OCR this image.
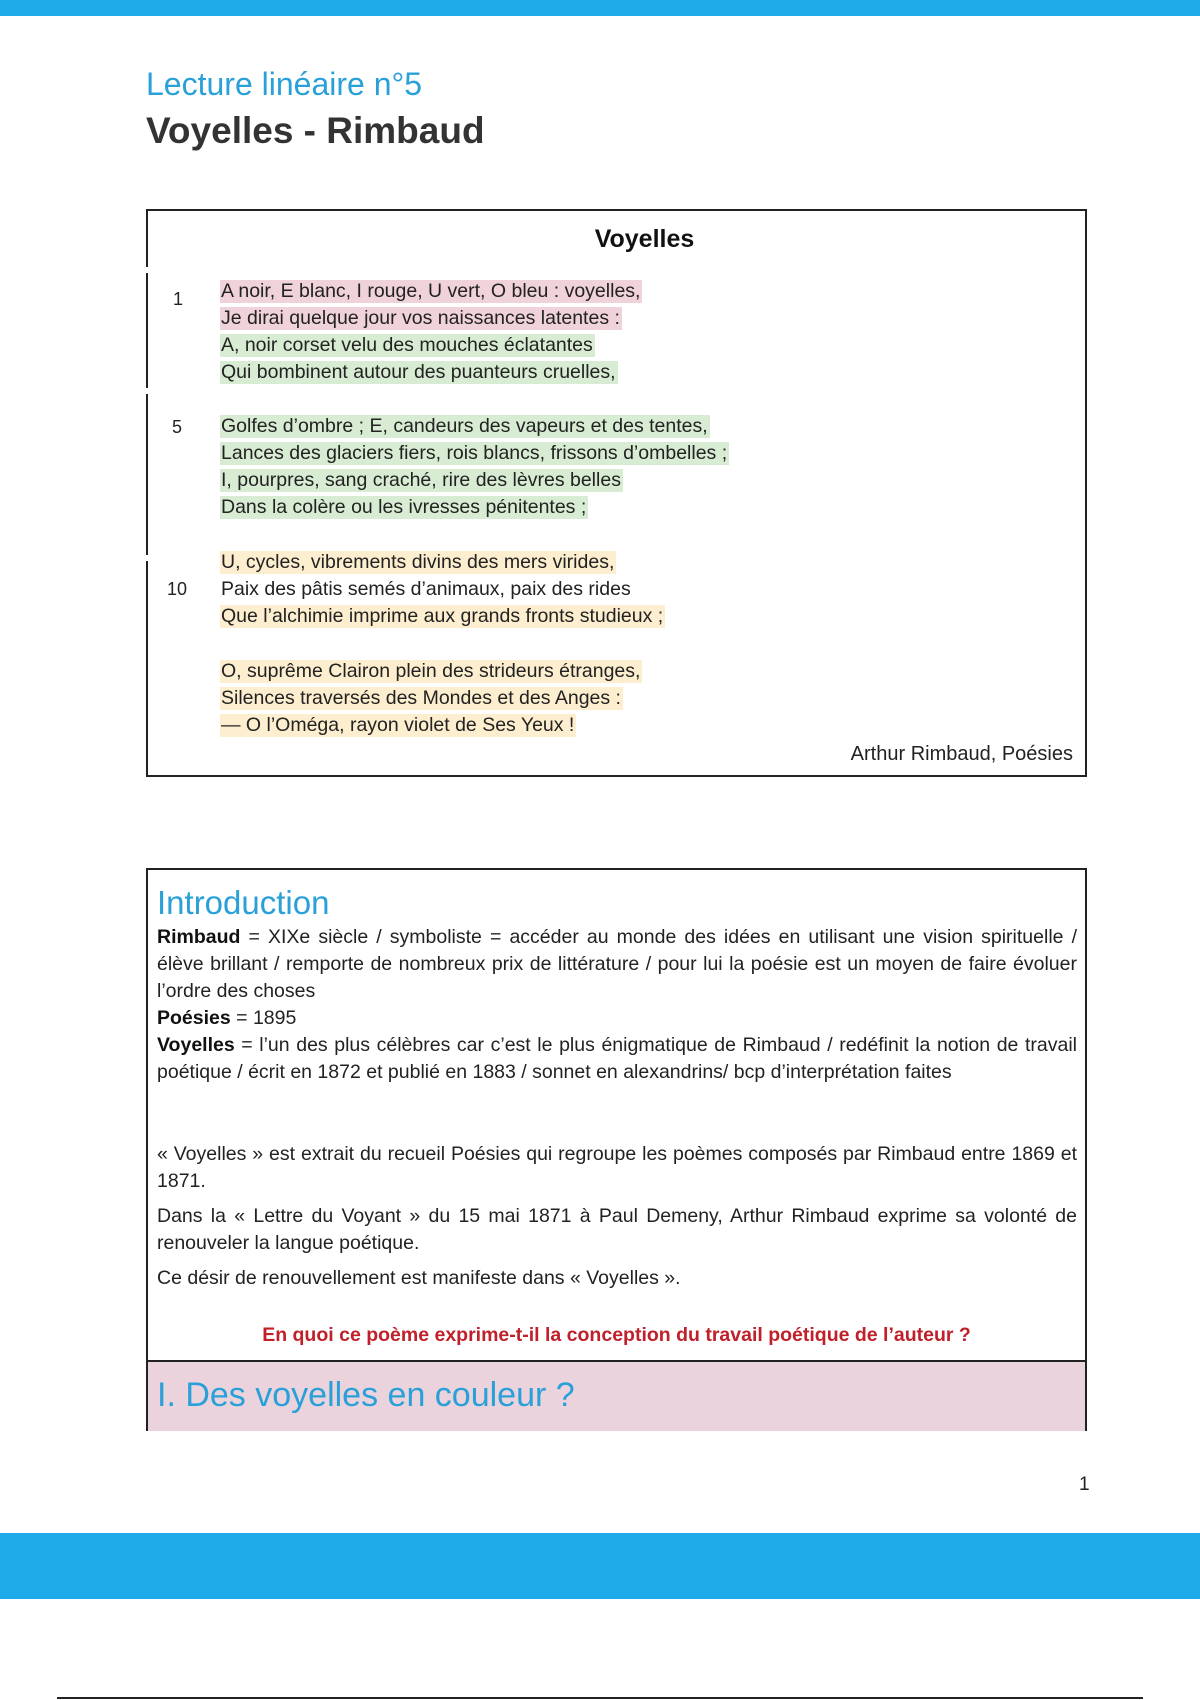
Lecture linéaire n°5
Voyelles - Rimbaud
Voyelles
1
5
10
A noir, E blanc, I rouge, U vert, O bleu : voyelles,
Je dirai quelque jour vos naissances latentes :
A, noir corset velu des mouches éclatantes
Qui bombinent autour des puanteurs cruelles,
Golfes d’ombre ; E, candeurs des vapeurs et des tentes,
Lances des glaciers fiers, rois blancs, frissons d’ombelles ;
I, pourpres, sang craché, rire des lèvres belles
Dans la colère ou les ivresses pénitentes ;
U, cycles, vibrements divins des mers virides,
Paix des pâtis semés d’animaux, paix des rides
Que l’alchimie imprime aux grands fronts studieux ;
O, suprême Clairon plein des strideurs étranges,
Silences traversés des Mondes et des Anges :
— O l’Oméga, rayon violet de Ses Yeux !
Arthur Rimbaud, Poésies
Introduction
Rimbaud = XIXe siècle / symboliste = accéder au monde des idées en utilisant une vision spirituelle / élève brillant / remporte de nombreux prix de littérature / pour lui la poésie est un moyen de faire évoluer l’ordre des choses
Poésies = 1895
Voyelles = l’un des plus célèbres car c’est le plus énigmatique de Rimbaud / redéfinit la notion de travail poétique / écrit en 1872 et publié en 1883 / sonnet en alexandrins/ bcp d’interprétation faites
« Voyelles » est extrait du recueil Poésies qui regroupe les poèmes composés par Rimbaud entre 1869 et 1871.
Dans la « Lettre du Voyant » du 15 mai 1871 à Paul Demeny, Arthur Rimbaud exprime sa volonté de renouveler la langue poétique.
Ce désir de renouvellement est manifeste dans « Voyelles ».
En quoi ce poème exprime-t-il la conception du travail poétique de l’auteur ?
I. Des voyelles en couleur ?
1
